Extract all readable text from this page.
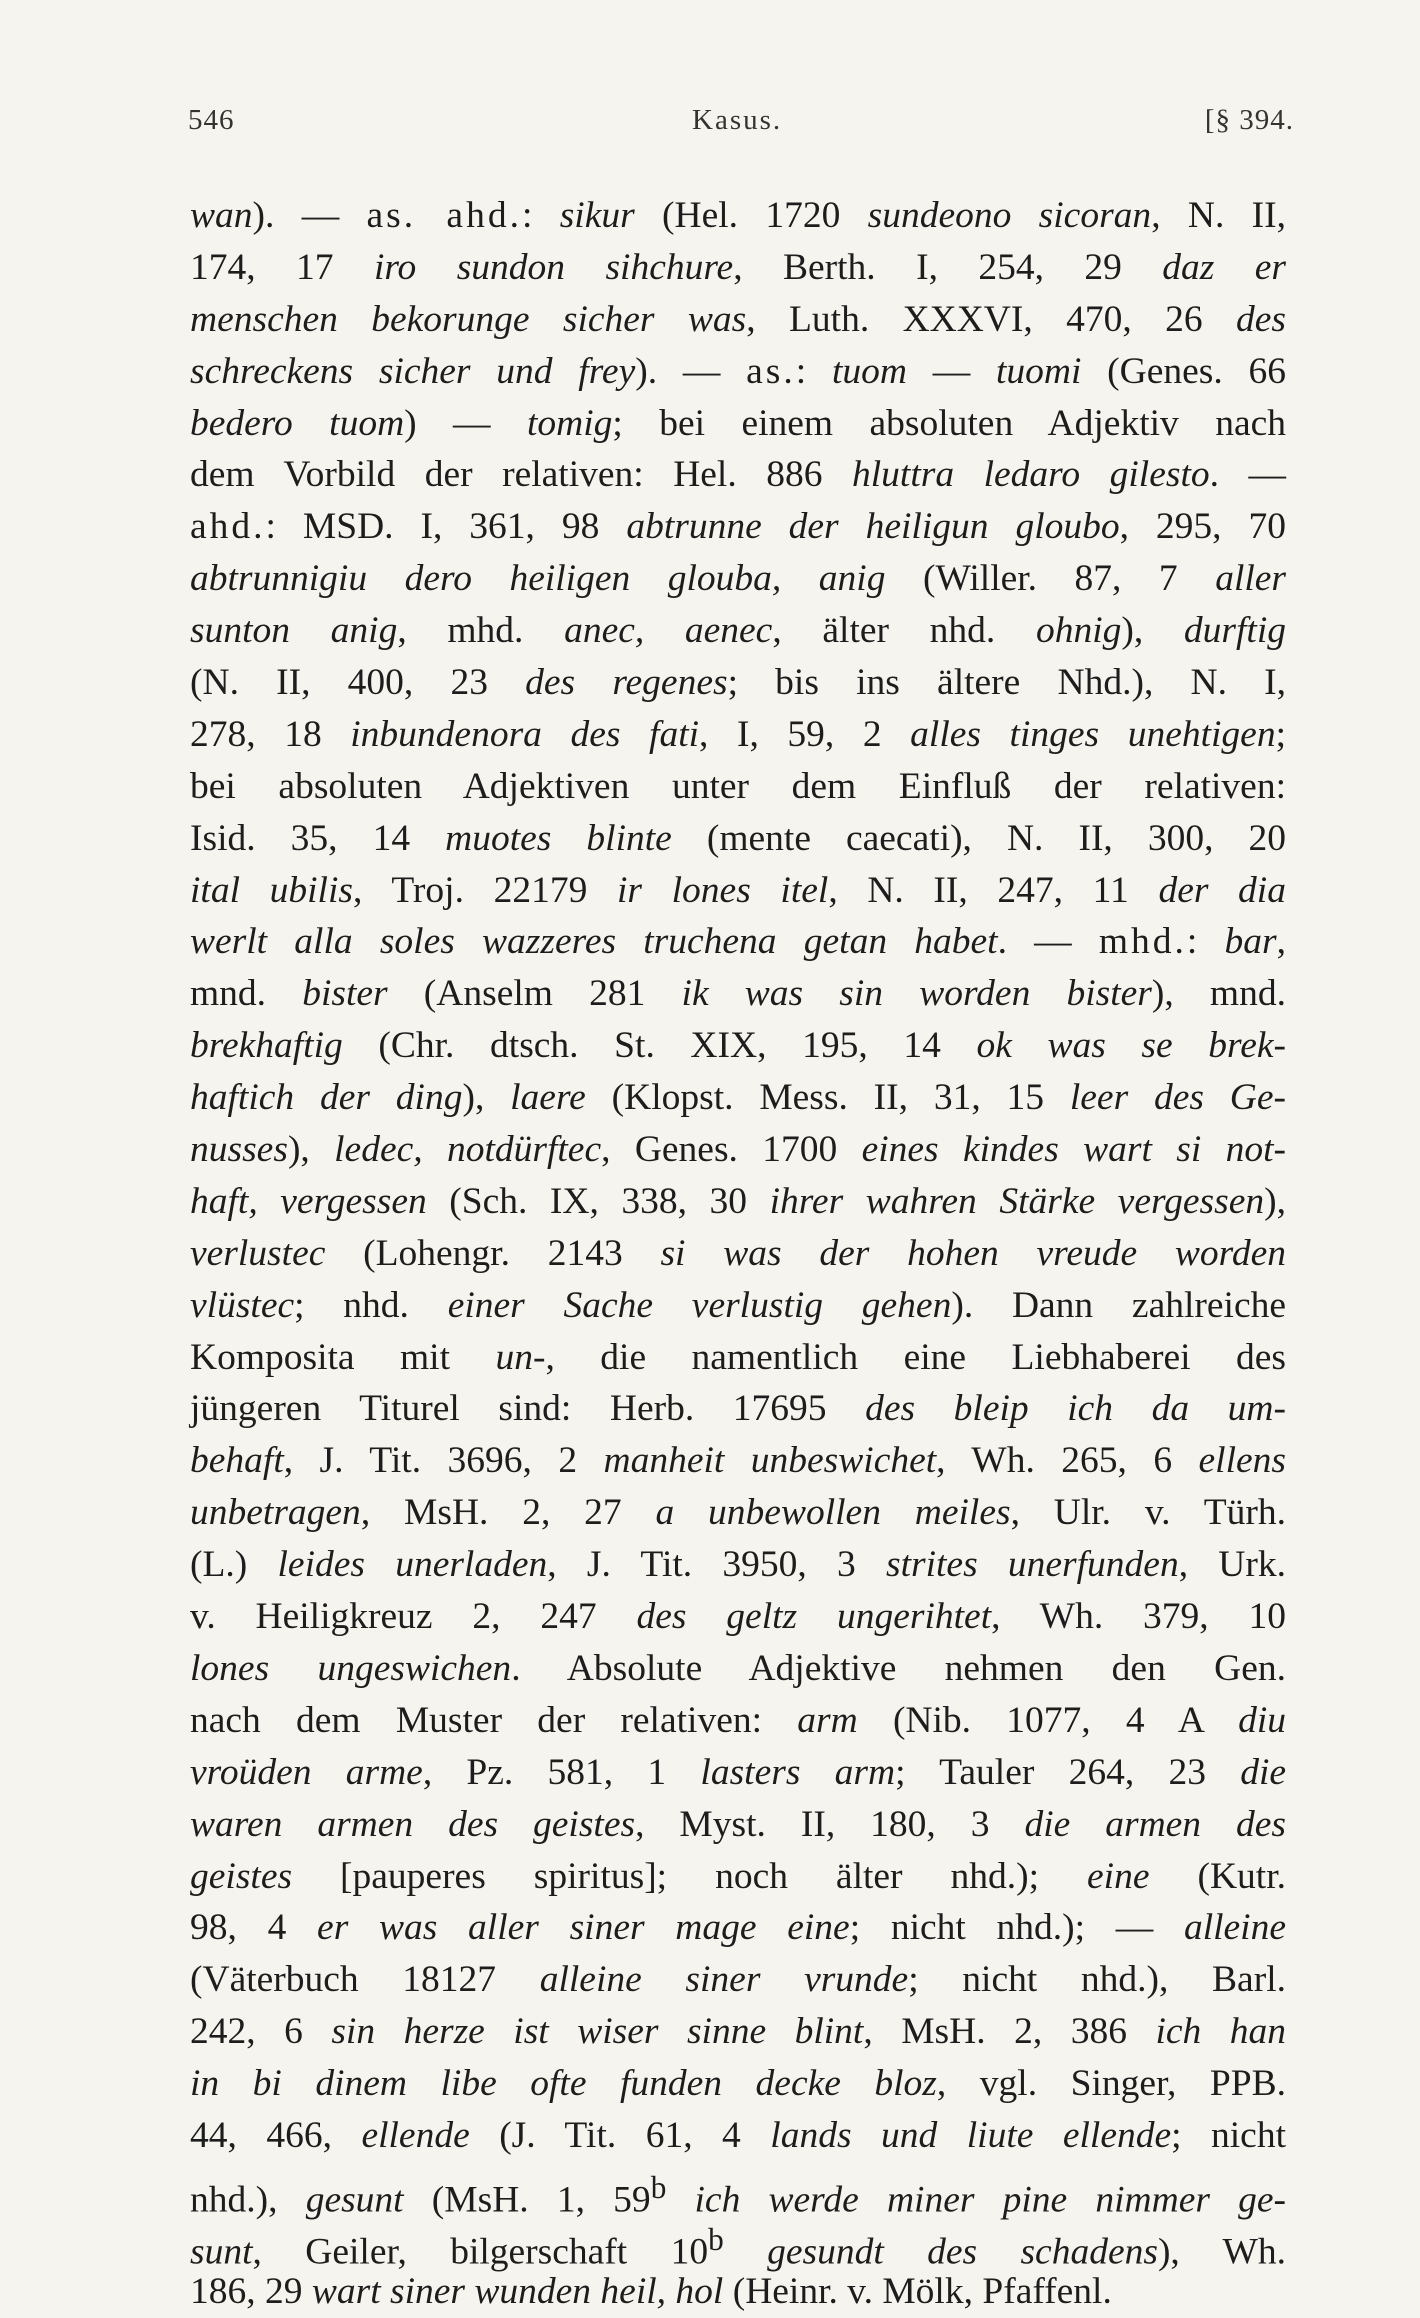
546	Kasus.	[§ 394.
wan). — as. ahd.: sikur (Hel. 1720 sundeono sicoran, N. II,
174, 17 iro sundon sihchure, Berth. I, 254, 29 daz er
menschen bekorunge sicher was, Luth. XXXVI, 470, 26 des
schreckens sicher und frey). — as.: tuom — tuomi (Genes. 66
bedero tuom) — tomig; bei einem absoluten Adjektiv nach
dem Vorbild der relativen: Hel. 886 hluttra ledaro gilesto. —
ahd.: MSD. I, 361, 98 abtrunne der heiligun gloubo, 295, 70
abtrunnigiu dero heiligen glouba, anig (Willer. 87, 7 aller
sunton anig, mhd. anec, aenec, älter nhd. ohnig), durftig
(N. II, 400, 23 des regenes; bis ins ältere Nhd.), N. I,
278, 18 inbundenora des fati, I, 59, 2 alles tinges unehtigen;
bei absoluten Adjektiven unter dem Einfluß der relativen:
Isid. 35, 14 muotes blinte (mente caecati), N. II, 300, 20
ital ubilis, Troj. 22179 ir lones itel, N. II, 247, 11 der dia
werlt alla soles wazzeres truchena getan habet. — mhd.: bar,
mnd. bister (Anselm 281 ik was sin worden bister), mnd.
brekhaftig (Chr. dtsch. St. XIX, 195, 14 ok was se brek-
haftich der ding), laere (Klopst. Mess. II, 31, 15 leer des Ge-
nusses), ledec, notdürftec, Genes. 1700 eines kindes wart si not-
haft, vergessen (Sch. IX, 338, 30 ihrer wahren Stärke vergessen),
verlustec (Lohengr. 2143 si was der hohen vreude worden
vlüstec; nhd. einer Sache verlustig gehen). Dann zahlreiche
Komposita mit un-, die namentlich eine Liebhaberei des
jüngeren Titurel sind: Herb. 17695 des bleip ich da um-
behaft, J. Tit. 3696, 2 manheit unbeswichet, Wh. 265, 6 ellens
unbetragen, MsH. 2, 27 a unbewollen meiles, Ulr. v. Türh.
(L.) leides unerladen, J. Tit. 3950, 3 strites unerfunden, Urk.
v. Heiligkreuz 2, 247 des geltz ungerihtet, Wh. 379, 10
lones ungeswichen. Absolute Adjektive nehmen den Gen.
nach dem Muster der relativen: arm (Nib. 1077, 4 A diu
vroüden arme, Pz. 581, 1 lasters arm; Tauler 264, 23 die
waren armen des geistes, Myst. II, 180, 3 die armen des
geistes [pauperes spiritus]; noch älter nhd.); eine (Kutr.
98, 4 er was aller siner mage eine; nicht nhd.); — alleine
(Väterbuch 18127 alleine siner vrunde; nicht nhd.), Barl.
242, 6 sin herze ist wiser sinne blint, MsH. 2, 386 ich han
in bi dinem libe ofte funden decke bloz, vgl. Singer, PPB.
44, 466, ellende (J. Tit. 61, 4 lands und liute ellende; nicht
nhd.), gesunt (MsH. 1, 59$^b$ ich werde miner pine nimmer ge-
sunt, Geiler, bilgerschaft 10$^b$ gesundt des schadens), Wh.
186, 29 wart siner wunden heil, hol (Heinr. v. Mölk, Pfaffenl.
